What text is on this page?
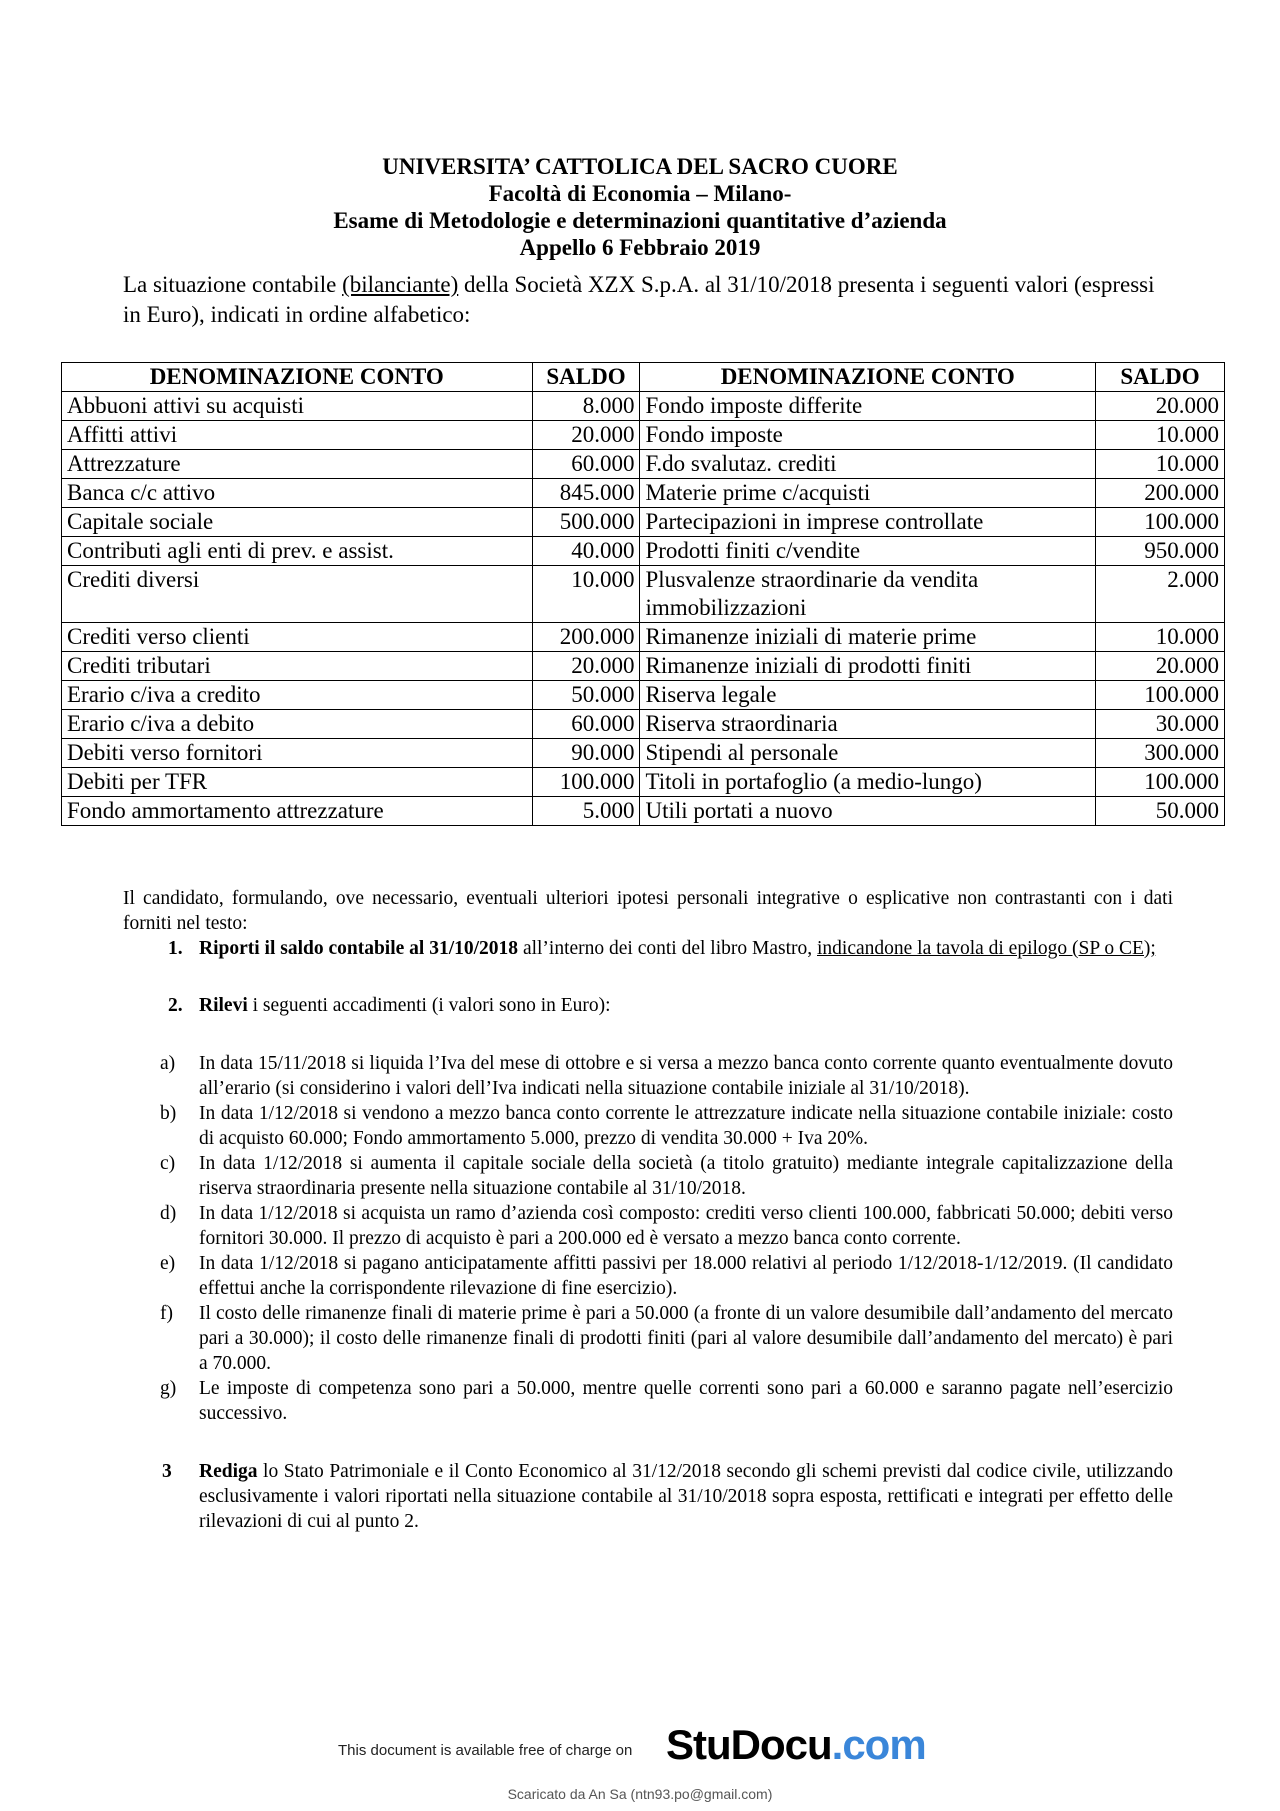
UNIVERSITA’ CATTOLICA DEL SACRO CUORE
Facoltà di Economia – Milano-
Esame di Metodologie e determinazioni quantitative d’azienda
Appello 6 Febbraio 2019
La situazione contabile (bilanciante) della Società XZX S.p.A. al 31/10/2018 presenta i seguenti valori (espressi in Euro), indicati in ordine alfabetico:
DENOMINAZIONE CONTO	SALDO	DENOMINAZIONE CONTO	SALDO
Abbuoni attivi su acquisti	8.000	Fondo imposte differite	20.000
Affitti attivi	20.000	Fondo imposte	10.000
Attrezzature	60.000	F.do svalutaz. crediti	10.000
Banca c/c attivo	845.000	Materie prime c/acquisti	200.000
Capitale sociale	500.000	Partecipazioni in imprese controllate	100.000
Contributi agli enti di prev. e assist.	40.000	Prodotti finiti c/vendite	950.000
Crediti diversi	10.000	Plusvalenze straordinarie da vendita immobilizzazioni	2.000
Crediti verso clienti	200.000	Rimanenze iniziali di materie prime	10.000
Crediti tributari	20.000	Rimanenze iniziali di prodotti finiti	20.000
Erario c/iva a credito	50.000	Riserva legale	100.000
Erario c/iva a debito	60.000	Riserva straordinaria	30.000
Debiti verso fornitori	90.000	Stipendi al personale	300.000
Debiti per TFR	100.000	Titoli in portafoglio (a medio-lungo)	100.000
Fondo ammortamento attrezzature	5.000	Utili portati a nuovo	50.000
Il candidato, formulando, ove necessario, eventuali ulteriori ipotesi personali integrative o esplicative non contrastanti con i dati forniti nel testo:
1. Riporti il saldo contabile al 31/10/2018 all’interno dei conti del libro Mastro, indicandone la tavola di epilogo (SP o CE);
2. Rilevi i seguenti accadimenti (i valori sono in Euro):
a) In data 15/11/2018 si liquida l’Iva del mese di ottobre e si versa a mezzo banca conto corrente quanto eventualmente dovuto all’erario (si considerino i valori dell’Iva indicati nella situazione contabile iniziale al 31/10/2018).
b) In data 1/12/2018 si vendono a mezzo banca conto corrente le attrezzature indicate nella situazione contabile iniziale: costo di acquisto 60.000; Fondo ammortamento 5.000, prezzo di vendita 30.000 + Iva 20%.
c) In data 1/12/2018 si aumenta il capitale sociale della società (a titolo gratuito) mediante integrale capitalizzazione della riserva straordinaria presente nella situazione contabile al 31/10/2018.
d) In data 1/12/2018 si acquista un ramo d’azienda così composto: crediti verso clienti 100.000, fabbricati 50.000; debiti verso fornitori 30.000. Il prezzo di acquisto è pari a 200.000 ed è versato a mezzo banca conto corrente.
e) In data 1/12/2018 si pagano anticipatamente affitti passivi per 18.000 relativi al periodo 1/12/2018-1/12/2019. (Il candidato effettui anche la corrispondente rilevazione di fine esercizio).
f) Il costo delle rimanenze finali di materie prime è pari a 50.000 (a fronte di un valore desumibile dall’andamento del mercato pari a 30.000); il costo delle rimanenze finali di prodotti finiti (pari al valore desumibile dall’andamento del mercato) è pari a 70.000.
g) Le imposte di competenza sono pari a 50.000, mentre quelle correnti sono pari a 60.000 e saranno pagate nell’esercizio successivo.
3 Rediga lo Stato Patrimoniale e il Conto Economico al 31/12/2018 secondo gli schemi previsti dal codice civile, utilizzando esclusivamente i valori riportati nella situazione contabile al 31/10/2018 sopra esposta, rettificati e integrati per effetto delle rilevazioni di cui al punto 2.
This document is available free of charge on StuDocu.com
Scaricato da An Sa (ntn93.po@gmail.com)
